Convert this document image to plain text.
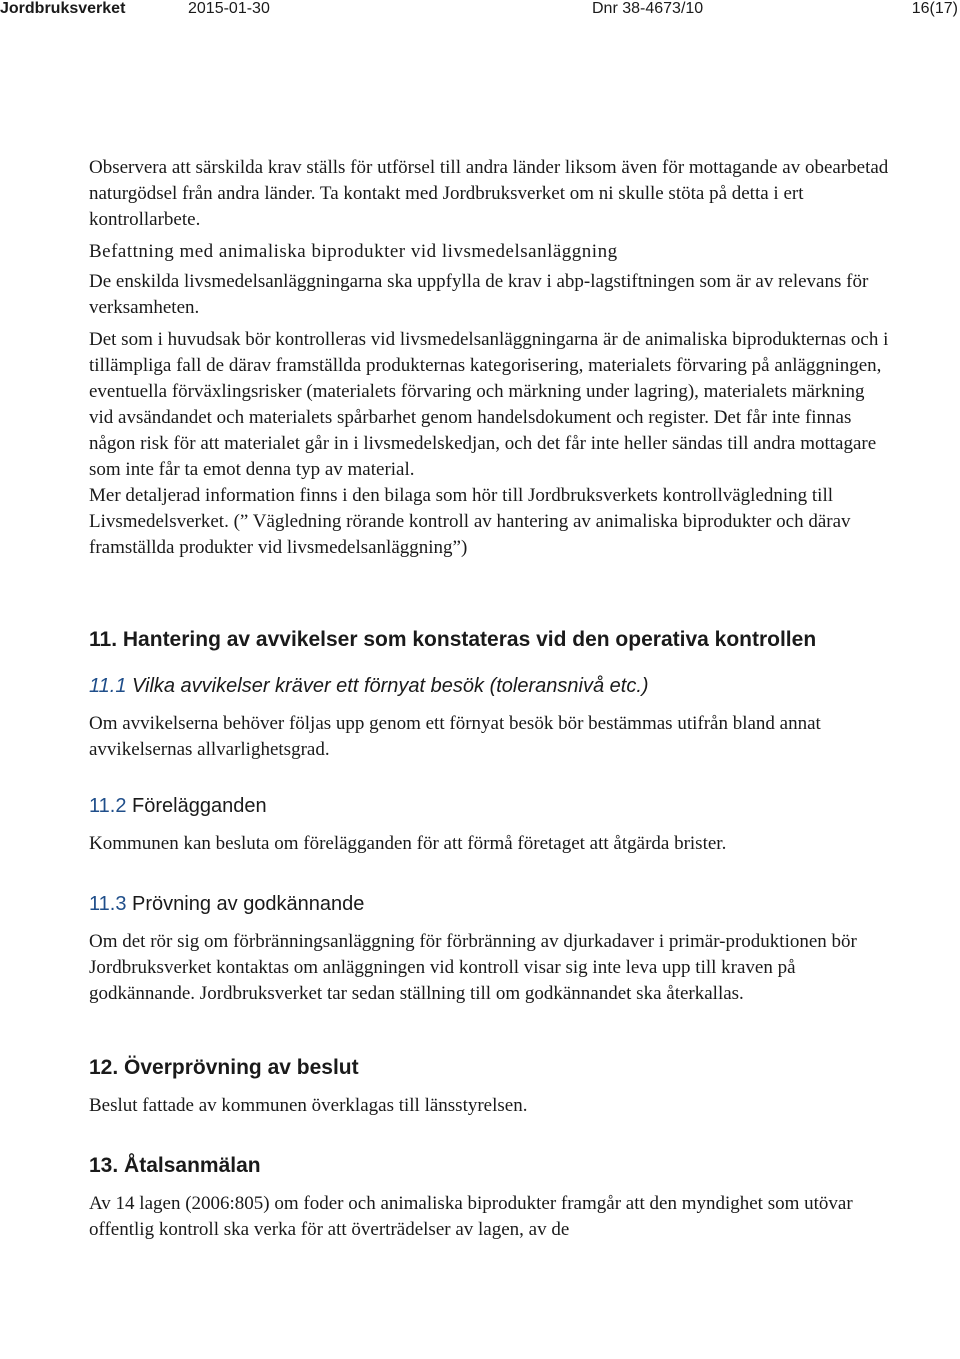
Jordbruksverket	2015-01-30	Dnr 38-4673/10	16(17)

Observera att särskilda krav ställs för utförsel till andra länder liksom även för mottagande av obearbetad naturgödsel från andra länder. Ta kontakt med Jordbruksverket om ni skulle stöta på detta i ert kontrollarbete.

Befattning med animaliska biprodukter vid livsmedelsanläggning

De enskilda livsmedelsanläggningarna ska uppfylla de krav i abp-lagstiftningen som är av relevans för verksamheten.

Det som i huvudsak bör kontrolleras vid livsmedelsanläggningarna är de animaliska biprodukternas och i tillämpliga fall de därav framställda produkternas kategorisering, materialets förvaring på anläggningen, eventuella förväxlingsrisker (materialets förvaring och märkning under lagring), materialets märkning vid avsändandet och materialets spårbarhet genom handelsdokument och register. Det får inte finnas någon risk för att materialet går in i livsmedelskedjan, och det får inte heller sändas till andra mottagare som inte får ta emot denna typ av material.

Mer detaljerad information finns i den bilaga som hör till Jordbruksverkets kontrollvägledning till Livsmedelsverket. (” Vägledning rörande kontroll av hantering av animaliska biprodukter och därav framställda produkter vid livsmedelsanläggning”)

11. Hantering av avvikelser som konstateras vid den operativa kontrollen
11.1 Vilka avvikelser kräver ett förnyat besök (toleransnivå etc.)

Om avvikelserna behöver följas upp genom ett förnyat besök bör bestämmas utifrån bland annat avvikelsernas allvarlighetsgrad.

11.2 Förelägganden

Kommunen kan besluta om förelägganden för att förmå företaget att åtgärda brister.

11.3 Prövning av godkännande

Om det rör sig om förbränningsanläggning för förbränning av djurkadaver i primär-produktionen bör Jordbruksverket kontaktas om anläggningen vid kontroll visar sig inte leva upp till kraven på godkännande. Jordbruksverket tar sedan ställning till om godkännandet ska återkallas.

12. Överprövning av beslut

Beslut fattade av kommunen överklagas till länsstyrelsen.

13. Åtalsanmälan

Av 14 lagen (2006:805) om foder och animaliska biprodukter framgår att den myndighet som utövar offentlig kontroll ska verka för att överträdelser av lagen, av de
